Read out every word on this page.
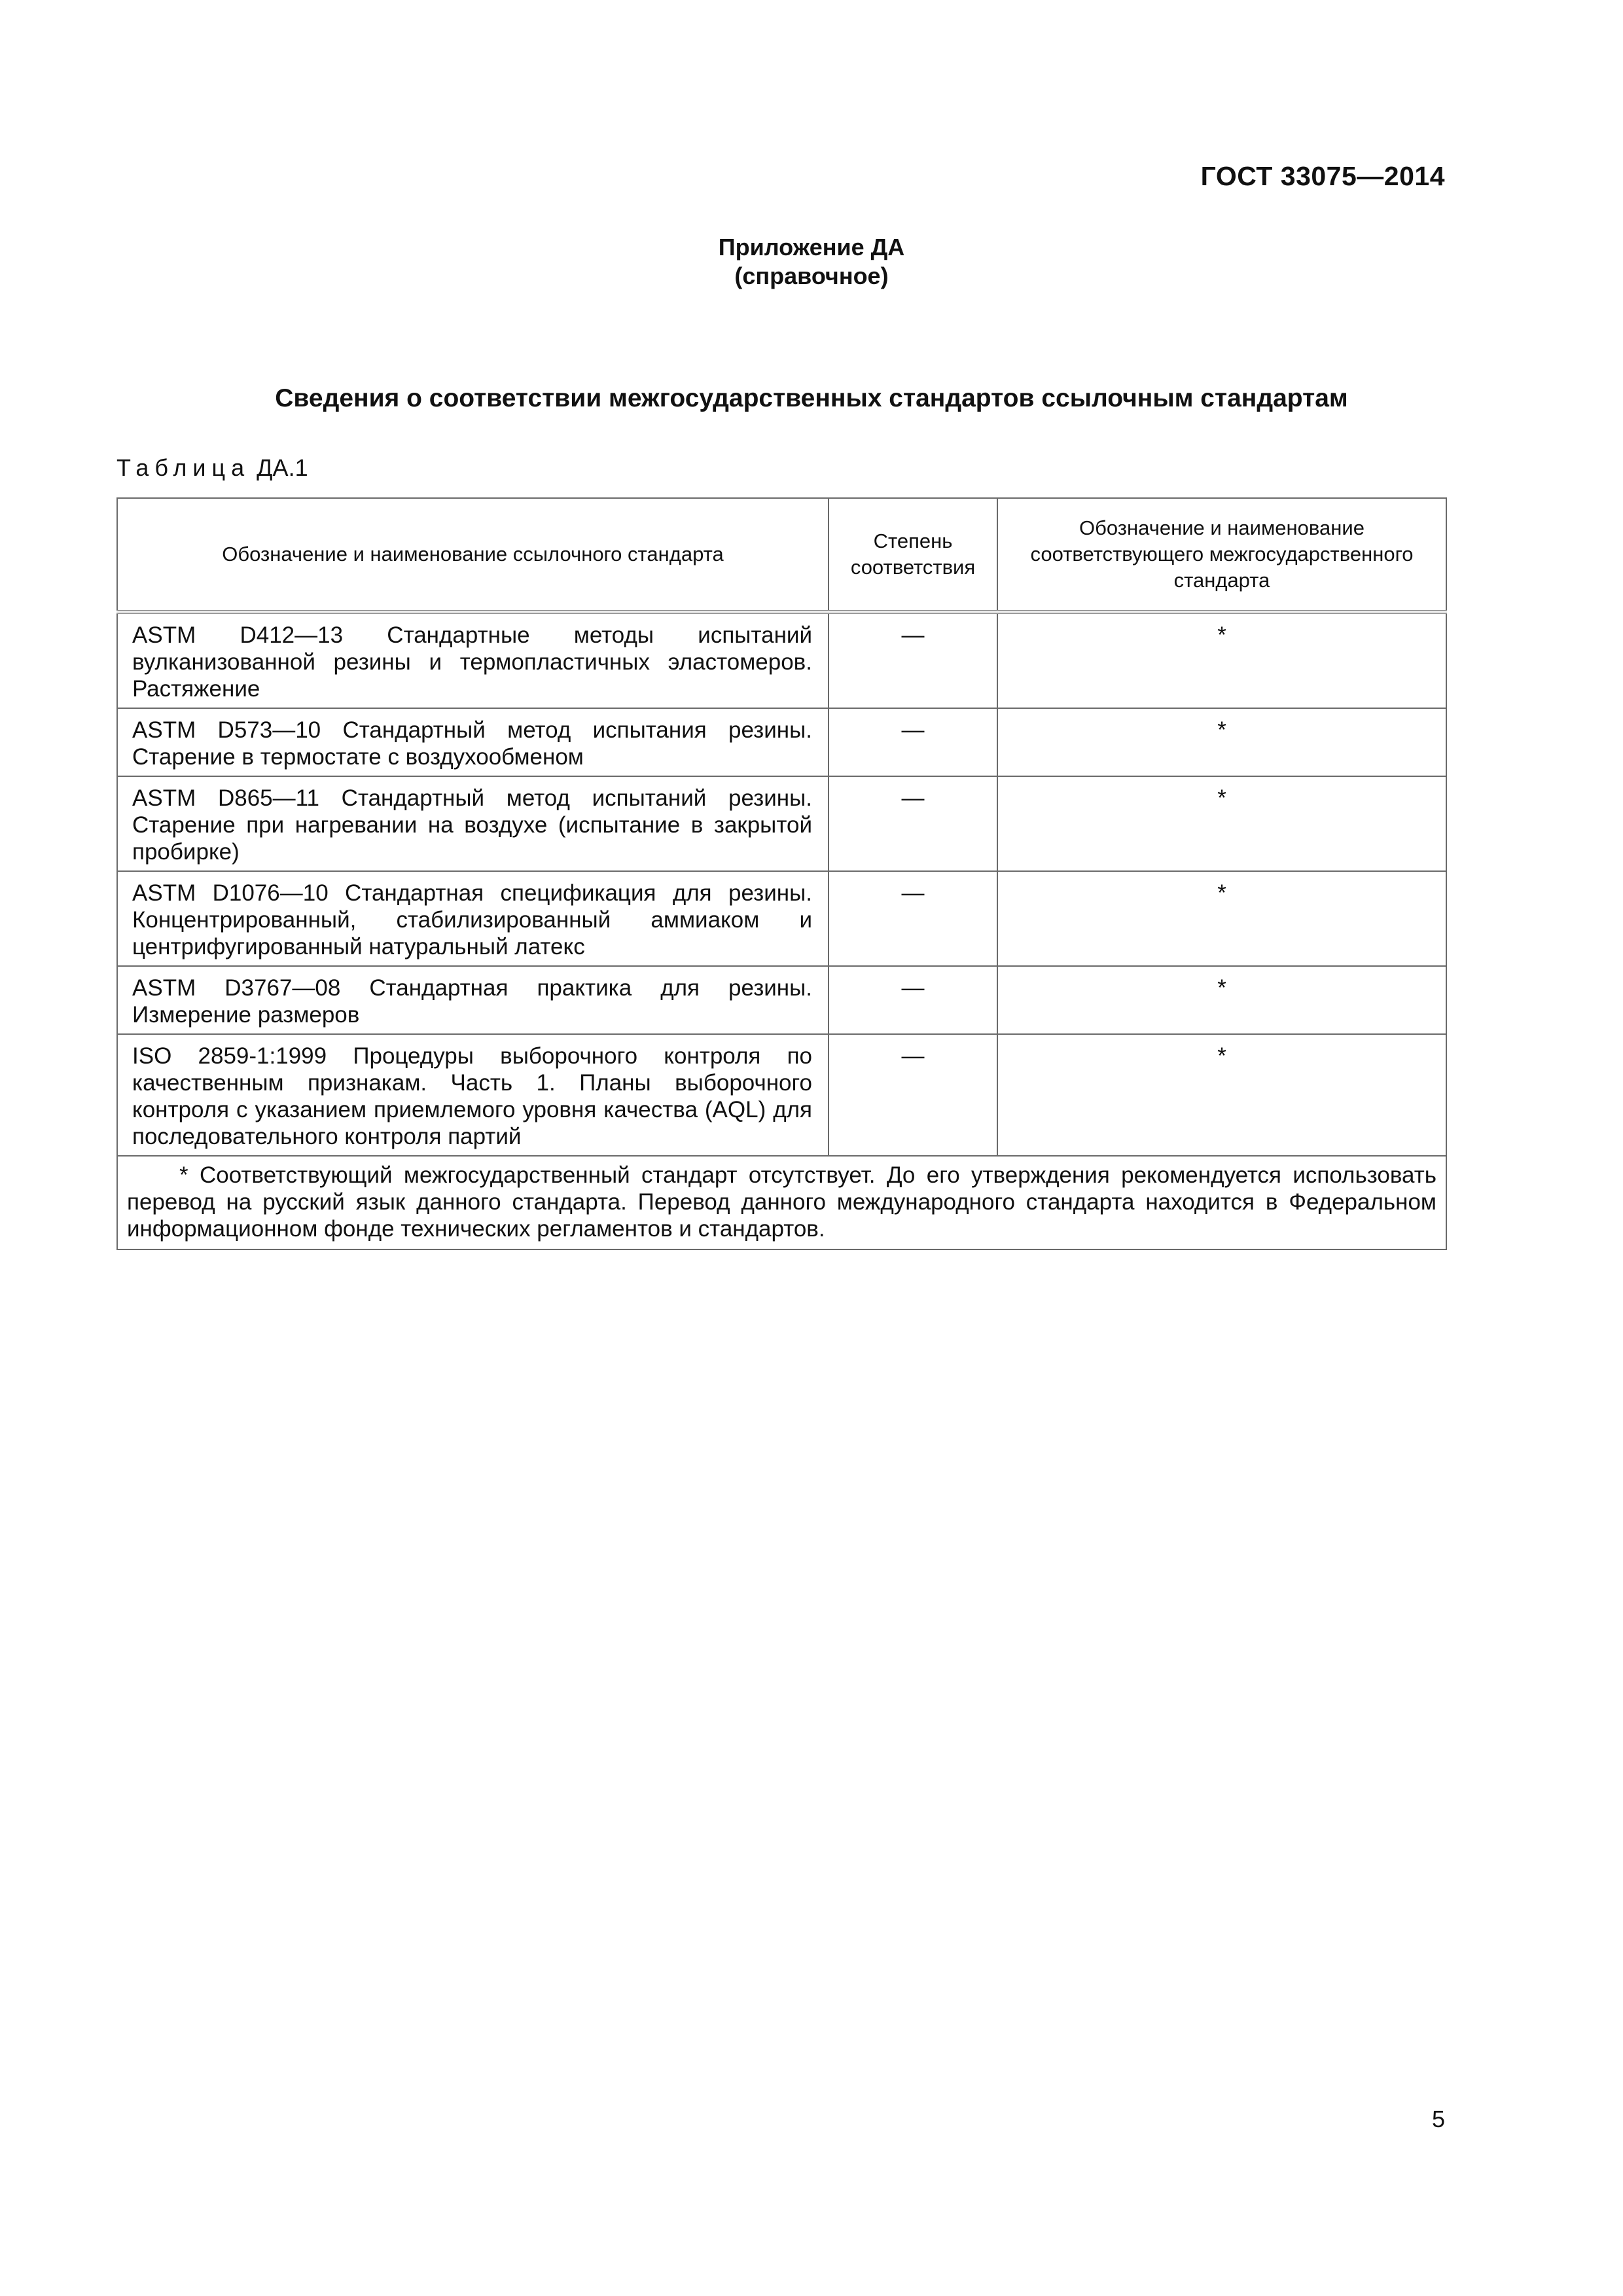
ГОСТ 33075—2014
Приложение ДА
(справочное)
Сведения о соответствии межгосударственных стандартов ссылочным стандартам
Таблица ДА.1
Обозначение и наименование ссылочного стандарта	Степень соответствия	Обозначение и наименование соответствующего межгосударственного стандарта
ASTM D412—13 Стандартные методы испытаний вулканизованной резины и термопластичных эластомеров. Растяжение	—	*
ASTM D573—10 Стандартный метод испытания резины. Старение в термостате с воздухообменом	—	*
ASTM D865—11 Стандартный метод испытаний резины. Старение при нагревании на воздухе (испытание в закрытой пробирке)	—	*
ASTM D1076—10 Стандартная спецификация для резины. Концентрированный, стабилизированный аммиаком и центрифугированный натуральный латекс	—	*
ASTM D3767—08 Стандартная практика для резины. Измерение размеров	—	*
ISO 2859-1:1999 Процедуры выборочного контроля по качественным признакам. Часть 1. Планы выборочного контроля с указанием приемлемого уровня качества (AQL) для последовательного контроля партий	—	*
* Соответствующий межгосударственный стандарт отсутствует. До его утверждения рекомендуется использовать перевод на русский язык данного стандарта. Перевод данного международного стандарта находится в Федеральном информационном фонде технических регламентов и стандартов.		
5
